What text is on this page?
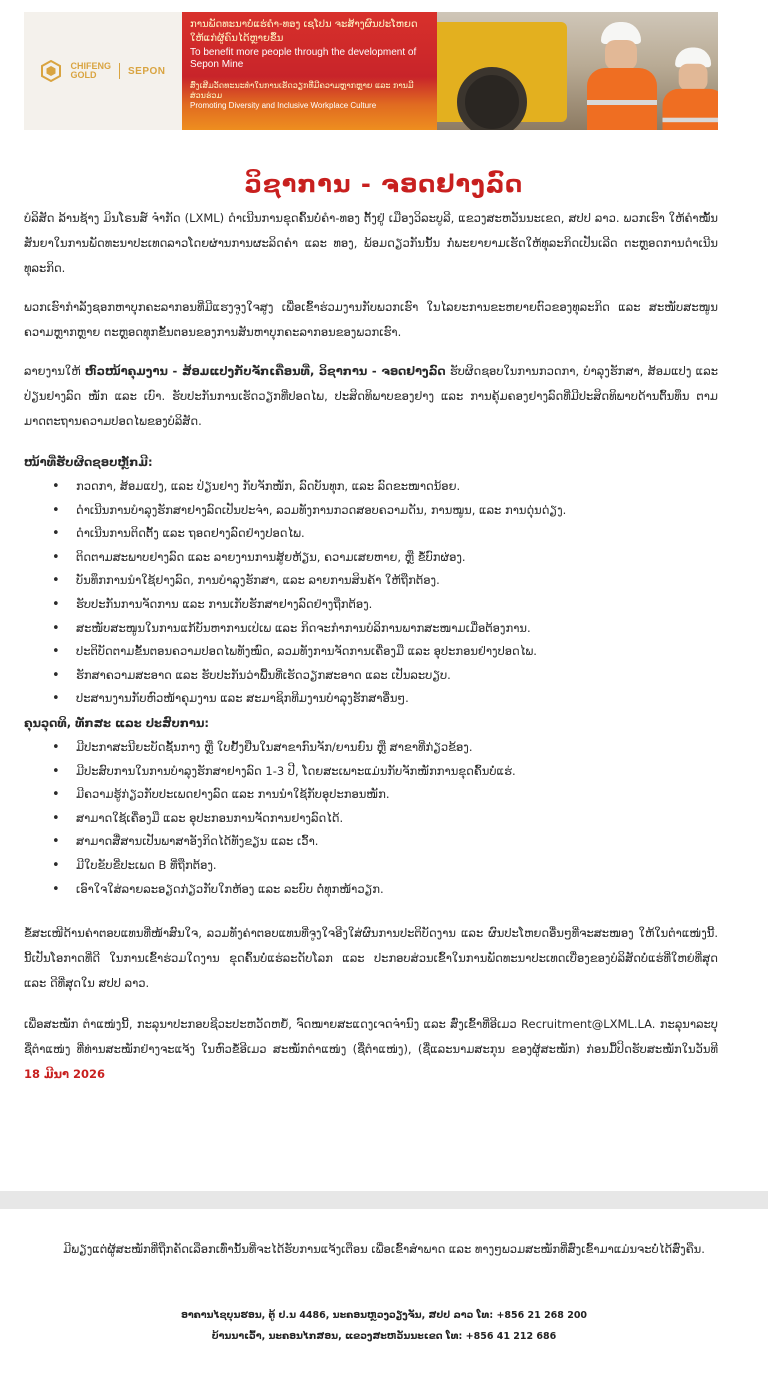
CHIFENG
GOLD	SEPON
ການພັດທະນາບໍ່ແຮ່ຄຳ-ທອງ ເຊໂປນ ຈະສ້າງຜົນປະໂຫຍດໃຫ້ແກ່ຜູ້ຄົນໄດ້ຫຼາຍຂຶ້ນ
To benefit more people through the development of Sepon Mine
ສົ່ງເສີມວັດທະນະທຳໃນການເຮັດວຽກທີ່ມີຄວາມຫຼາກຫຼາຍ ແລະ ການມີສ່ວນຮ່ວມ
Promoting Diversity and Inclusive Workplace Culture
ວິຊາການ - ຈອດຢາງລົດ

ບໍລິສັດ ລ້ານຊ້າງ ມິນໂຣນສ໌ ຈຳກັດ (LXML) ດຳເນີນການຂຸດຄົ້ນບໍ່ຄຳ-ທອງ ຕັ້ງຢູ່ ເມືອງວິລະບູລີ, ແຂວງສະຫວັນນະເຂດ, ສປປ ລາວ. ພວກເຮົາ ໃຫ້ຄຳໝັ້ນສັນຍາໃນການພັດທະນາປະເທດລາວໂດຍຜ່ານການຜະລິດຄຳ ແລະ ທອງ, ພ້ອມດຽວກັນນັ້ນ ກໍ່ພະຍາຍາມເຮັດໃຫ້ທຸລະກິດເປັນເລີດ ຕະຫຼອດການດຳເນີນທຸລະກິດ.

ພວກເຮົາກຳລັງຊອກຫາບຸກຄະລາກອນທີ່ມີແຮງຈູງໃຈສູງ ເພື່ອເຂົ້າຮ່ວມງານກັບພວກເຮົາ ໃນໄລຍະການຂະຫຍາຍຕົວຂອງທຸລະກິດ ແລະ ສະໜັບສະໜູນຄວາມຫຼາກຫຼາຍ ຕະຫຼອດທຸກຂັ້ນຕອນຂອງການສັນຫາບຸກຄະລາກອນຂອງພວກເຮົາ.

ລາຍງານໃຫ້ ຫົວໜ້າຄຸມງານ - ສ້ອມແປງກັບຈັກເຄື່ອນທີ່, ວິຊາການ - ຈອດຢາງລົດ ຮັບຜິດຊອບໃນການກວດກາ, ບຳລຸງຮັກສາ, ສ້ອມແປງ ແລະ ປ່ຽນຢາງລົດ ໜັກ ແລະ ເບົາ. ຮັບປະກັນການເຮັດວຽກທີ່ປອດໄພ, ປະສິດທິພາບຂອງຢາງ ແລະ ການຄຸ້ມຄອງຢາງລົດທີ່ມີປະສິດທິພາບດ້ານຕົ້ນທຶນ ຕາມມາດຕະຖານຄວາມປອດໄພຂອງບໍລິສັດ.

ໜ້າທີ່ຮັບຜິດຊອບຫຼັກມີ:
• ກວດກາ, ສ້ອມແປງ, ແລະ ປ່ຽນຢາງ ກັບຈັກໜັກ, ລົດບັນທຸກ, ແລະ ລົດຂະໜາດນ້ອຍ.
• ດຳເນີນການບຳລຸງຮັກສາຢາງລົດເປັນປະຈຳ, ລວມທັງການກວດສອບຄວາມດັນ, ການໝູນ, ແລະ ການດຸ່ນດ່ຽງ.
• ດຳເນີນການຕິດຕັ້ງ ແລະ ຖອດຢາງລົດຢ່າງປອດໄພ.
• ຕິດຕາມສະພາບຢາງລົດ ແລະ ລາຍງານການສູ້ຍຫ້ຽນ, ຄວາມເສຍຫາຍ, ຫຼື ຂໍ້ບົກຜ່ອງ.
• ບັນທຶກການນຳໃຊ້ຢາງລົດ, ການບຳລຸງຮັກສາ, ແລະ ລາຍການສິນຄ້າ ໃຫ້ຖືກຕ້ອງ.
• ຮັບປະກັນການຈັດການ ແລະ ການເກັບຮັກສາຢາງລົດຢ່າງຖືກຕ້ອງ.
• ສະໜັບສະໜູນໃນການແກ້ບັນຫາການເປ່ເພ ແລະ ກິດຈະກຳການບໍລິການພາກສະໜາມເມື່ອຕ້ອງການ.
• ປະຕິບັດຕາມຂັ້ນຕອນຄວາມປອດໄພທັງໝົດ, ລວມທັງການຈັດການເຄື່ອງມື ແລະ ອຸປະກອນຢ່າງປອດໄພ.
• ຮັກສາຄວາມສະອາດ ແລະ ຮັບປະກັນວ່າພື້ນທີ່ເຮັດວຽກສະອາດ ແລະ ເປັນລະບຽບ.
• ປະສານງານກັບຫົວໜ້າຄຸມງານ ແລະ ສະມາຊິກທີມງານບຳລຸງຮັກສາອື່ນໆ.
ຄຸນວຸດທິ, ທັກສະ ແລະ ປະສົບການ:
• ມີປະກາສະນີຍະບັດຊັ້ນກາງ ຫຼື ໃບຢັ້ງຢືນໃນສາຂາກົນຈັກ/ຍານຍົນ ຫຼື ສາຂາທີ່ກ່ຽວຂ້ອງ.
• ມີປະສົບການໃນການບຳລຸງຮັກສາຢາງລົດ 1-3 ປີ, ໂດຍສະເພາະແມ່ນກັບຈັກໜັກການຂຸດຄົ້ນບໍ່ແຮ່.
• ມີຄວາມຮູ້ກ່ຽວກັບປະເພດຢາງລົດ ແລະ ການນຳໃຊ້ກັບອຸປະກອນໜັກ.
• ສາມາດໃຊ້ເຄື່ອງມື ແລະ ອຸປະກອນການຈັດການຢາງລົດໄດ້.
• ສາມາດສື່ສານເປັນພາສາອັງກິດໄດ້ທັງຂຽນ ແລະ ເວົ້າ.
• ມີໃບຂັບຂີ່ປະເພດ B ທີ່ຖືກຕ້ອງ.
• ເອົາໃຈໃສ່ລາຍລະອຽດກ່ຽວກັບໃກຫ້ອງ ແລະ ລະບົບ ຕໍ່ທຸກໜ້າວຽກ.

ຂໍ້ສະເໜີດ້ານຄ່າຕອບແທນທີ່ໜ້າສົນໃຈ, ລວມທັງຄ່າຕອບແທນທີ່ຈູງໃຈອີງໃສ່ຜົນການປະຕິບັດງານ ແລະ ຜົນປະໂຫຍດອື່ນໆທີ່ຈະສະໜອງ ໃຫ້ໃນຕຳແໜ່ງນີ້. ນີ້ເປັນໂອກາດທີ່ດີ ໃນການເຂົ້າຮ່ວມໃດງານ ຂຸດຄົ້ນບໍ່ແຮ່ລະດັບໂລກ ແລະ ປະກອບສ່ວນເຂົ້າໃນການພັດທະນາປະເທດເບື່ອງຂອງບໍລິສັດບໍ່ແຮ່ທີ່ໃຫຍ່ທີ່ສຸດ ແລະ ດີທີ່ສຸດໃນ ສປປ ລາວ.

ເພື່ອສະໝັກ ຕຳແໜ່ງນີ້, ກະລຸນາປະກອບຊີວະປະຫວັດຫຍໍ້, ຈົດໝາຍສະແດງເຈດຈຳນົງ ແລະ ສົ່ງເຂົ້າທີ່ອີເມວ Recruitment@LXML.LA. ກະລຸນາລະບຸ ຊື່ຕຳແໜ່ງ ທີ່ທ່ານສະໝັກຢ່າງຈະແຈ້ງ ໃນຫົວຂໍ້ອີເມວ ສະໝັກຕຳແໜ່ງ (ຊື່ຕຳແໜ່ງ), (ຊື່ແລະນາມສະກຸນ ຂອງຜູ້ສະໝັກ) ກ່ອນມື້ປິດຮັບສະໝັກໃນວັນທີ 18 ມີນາ 2026

ມີພຽງແຕ່ຜູ້ສະໝັກທີ່ຖືກຄັດເລືອກເທົ່ານັ້ນທີ່ຈະໄດ້ຮັບການແຈ້ງເຕືອນ ເພື່ອເຂົ້າສຳພາດ ແລະ ທາງໆພວມສະໝັກທີ່ສົ່ງເຂົ້າມາແມ່ນຈະບໍ່ໄດ້ສົ່ງຄືນ.
ອາຄານໄຊບຸນຮອນ, ຕູ້ ປ.ນ 4486, ນະຄອນຫຼວງວຽງຈັນ, ສປປ ລາວ ໂທ: +856 21 268 200
ບ້ານນາເວົ້າ, ນະຄອນໄກສອນ, ແຂວງສະຫວັນນະເຂດ ໂທ: +856 41 212 686
